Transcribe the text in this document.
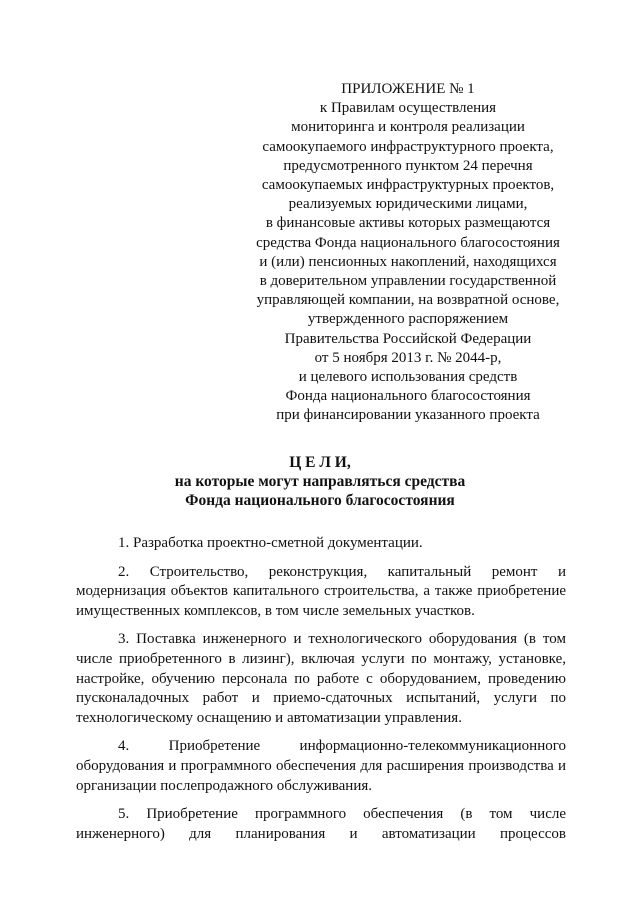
ПРИЛОЖЕНИЕ № 1
к Правилам осуществления
мониторинга и контроля реализации
самоокупаемого инфраструктурного проекта,
предусмотренного пунктом 24 перечня
самоокупаемых инфраструктурных проектов,
реализуемых юридическими лицами,
в финансовые активы которых размещаются
средства Фонда национального благосостояния
и (или) пенсионных накоплений, находящихся
в доверительном управлении государственной
управляющей компании, на возвратной основе,
утвержденного распоряжением
Правительства Российской Федерации
от 5 ноября 2013 г. № 2044-р,
и целевого использования средств
Фонда национального благосостояния
при финансировании указанного проекта
Ц Е Л И,
на которые могут направляться средства
Фонда национального благосостояния

1. Разработка проектно-сметной документации.

2. Строительство, реконструкция, капитальный ремонт и модернизация объектов капитального строительства, а также приобретение имущественных комплексов, в том числе земельных участков.

3. Поставка инженерного и технологического оборудования (в том числе приобретенного в лизинг), включая услуги по монтажу, установке, настройке, обучению персонала по работе с оборудованием, проведению пусконаладочных работ и приемо-сдаточных испытаний, услуги по технологическому оснащению и автоматизации управления.

4. Приобретение информационно-телекоммуникационного оборудования и программного обеспечения для расширения производства и организации послепродажного обслуживания.

5. Приобретение программного обеспечения (в том числе инженерного) для планирования и автоматизации процессов
